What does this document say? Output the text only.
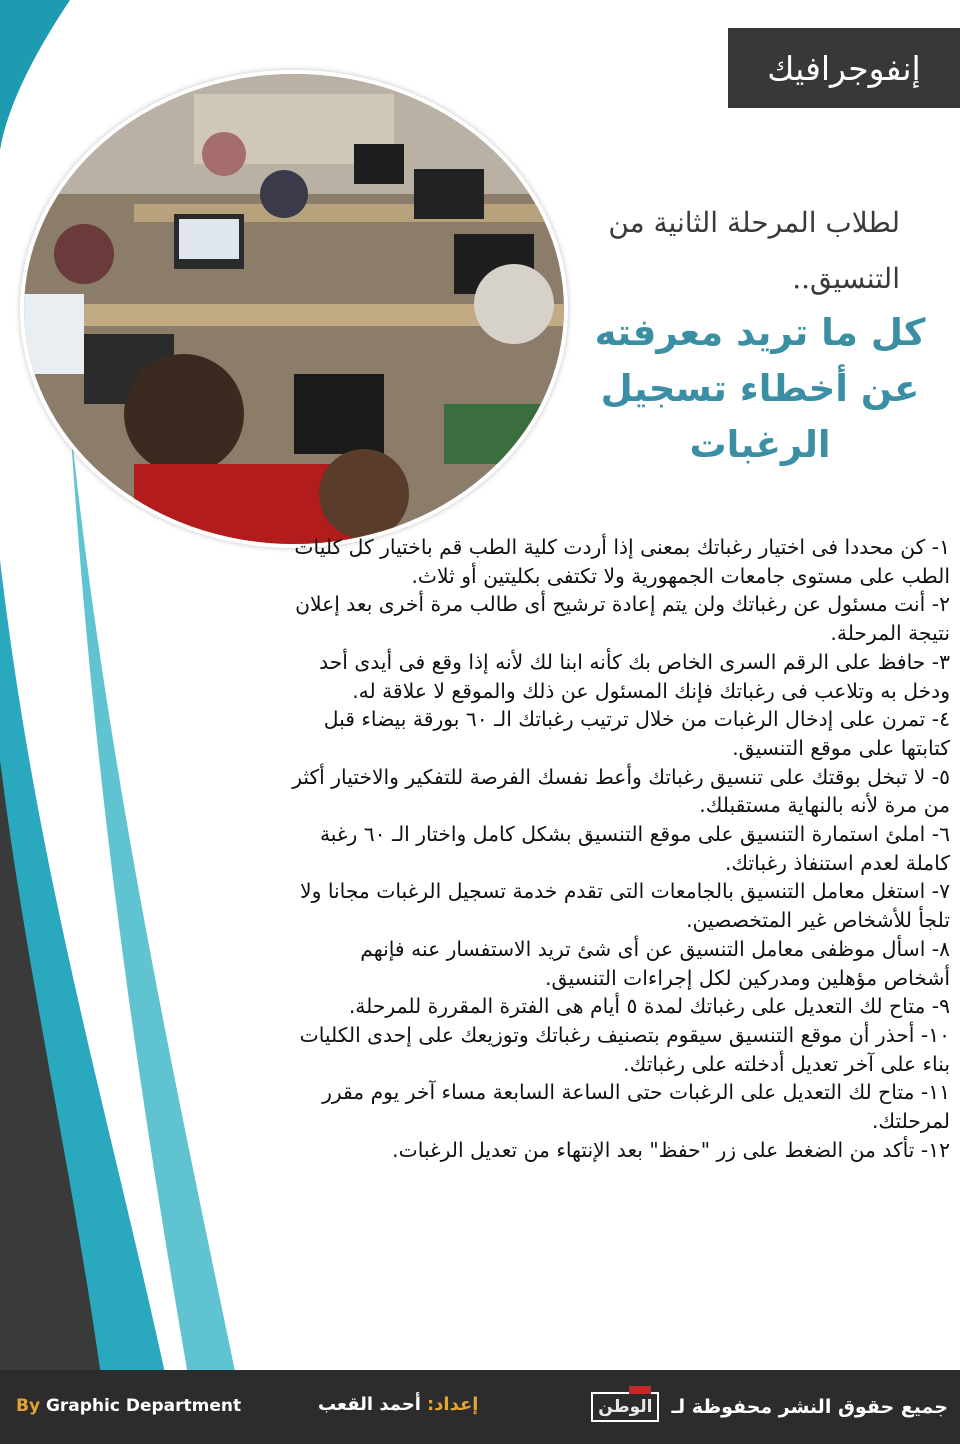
إنفوجرافيك
لطلاب المرحلة الثانية من التنسيق..
كل ما تريد معرفته عن أخطاء تسجيل الرغبات

١- كن محددا فى اختيار رغباتك بمعنى إذا أردت كلية الطب قم باختيار كل كليات الطب على مستوى جامعات الجمهورية ولا تكتفى بكليتين أو ثلاث.

٢- أنت مسئول عن رغباتك ولن يتم إعادة ترشيح أى طالب مرة أخرى بعد إعلان نتيجة المرحلة.

٣- حافظ على الرقم السرى الخاص بك كأنه ابنا لك لأنه إذا وقع فى أيدى أحد ودخل به وتلاعب فى رغباتك فإنك المسئول عن ذلك والموقع لا علاقة له.

٤- تمرن على إدخال الرغبات من خلال ترتيب رغباتك الـ ٦٠ بورقة بيضاء قبل كتابتها على موقع التنسيق.

٥- لا تبخل بوقتك على تنسيق رغباتك وأعط نفسك الفرصة للتفكير والاختيار أكثر من مرة لأنه بالنهاية مستقبلك.

٦- املئ استمارة التنسيق على موقع التنسيق بشكل كامل واختار الـ ٦٠ رغبة كاملة لعدم استنفاذ رغباتك.

٧- استغل معامل التنسيق بالجامعات التى تقدم خدمة تسجيل الرغبات مجانا ولا تلجأ للأشخاص غير المتخصصين.

٨- اسأل موظفى معامل التنسيق عن أى شئ تريد الاستفسار عنه فإنهم أشخاص مؤهلين ومدركين لكل إجراءات التنسيق.

٩- متاح لك التعديل على رغباتك لمدة ٥ أيام هى الفترة المقررة للمرحلة.

١٠- أحذر أن موقع التنسيق سيقوم بتصنيف رغباتك وتوزيعك على إحدى الكليات بناء على آخر تعديل أدخلته على رغباتك.

١١- متاح لك التعديل على الرغبات حتى الساعة السابعة مساء آخر يوم مقرر لمرحلتك.

١٢- تأكد من الضغط على زر "حفظ" بعد الإنتهاء من تعديل الرغبات.

جميع حقوق النشر محفوظة لـ
الوطن
إعداد:
أحمد القعب
By Graphic Department
